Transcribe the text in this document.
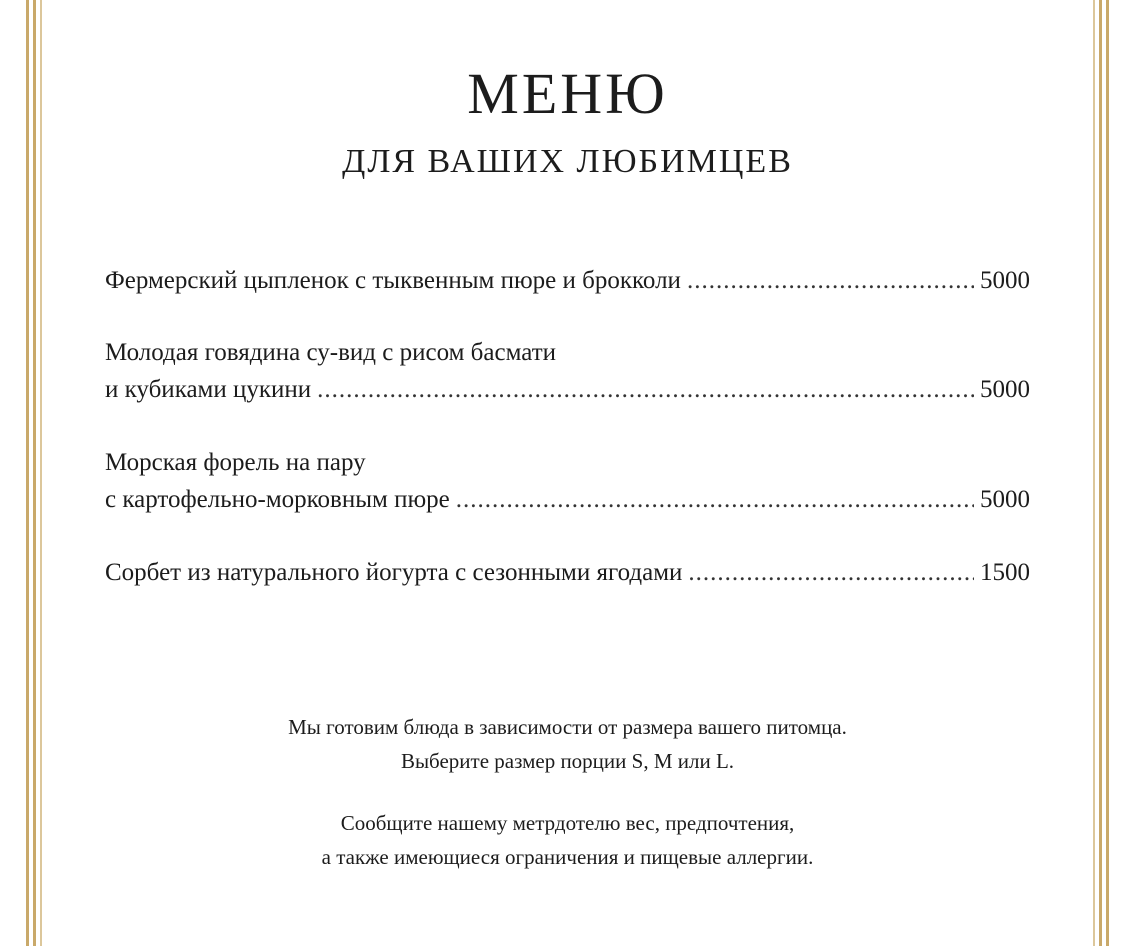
МЕНЮ
ДЛЯ ВАШИХ ЛЮБИМЦЕВ
Фермерский цыпленок с тыквенным пюре и брокколи .....	5000
Молодая говядина су-вид с рисом басмати
и кубиками цукини .....	5000
Морская форель на пару
с картофельно-морковным пюре .....	5000
Сорбет из натурального йогурта с сезонными ягодами .....	1500
Мы готовим блюда в зависимости от размера вашего питомца.
Выберите размер порции S, M или L.
Сообщите нашему метрдотелю вес, предпочтения,
а также имеющиеся ограничения и пищевые аллергии.
